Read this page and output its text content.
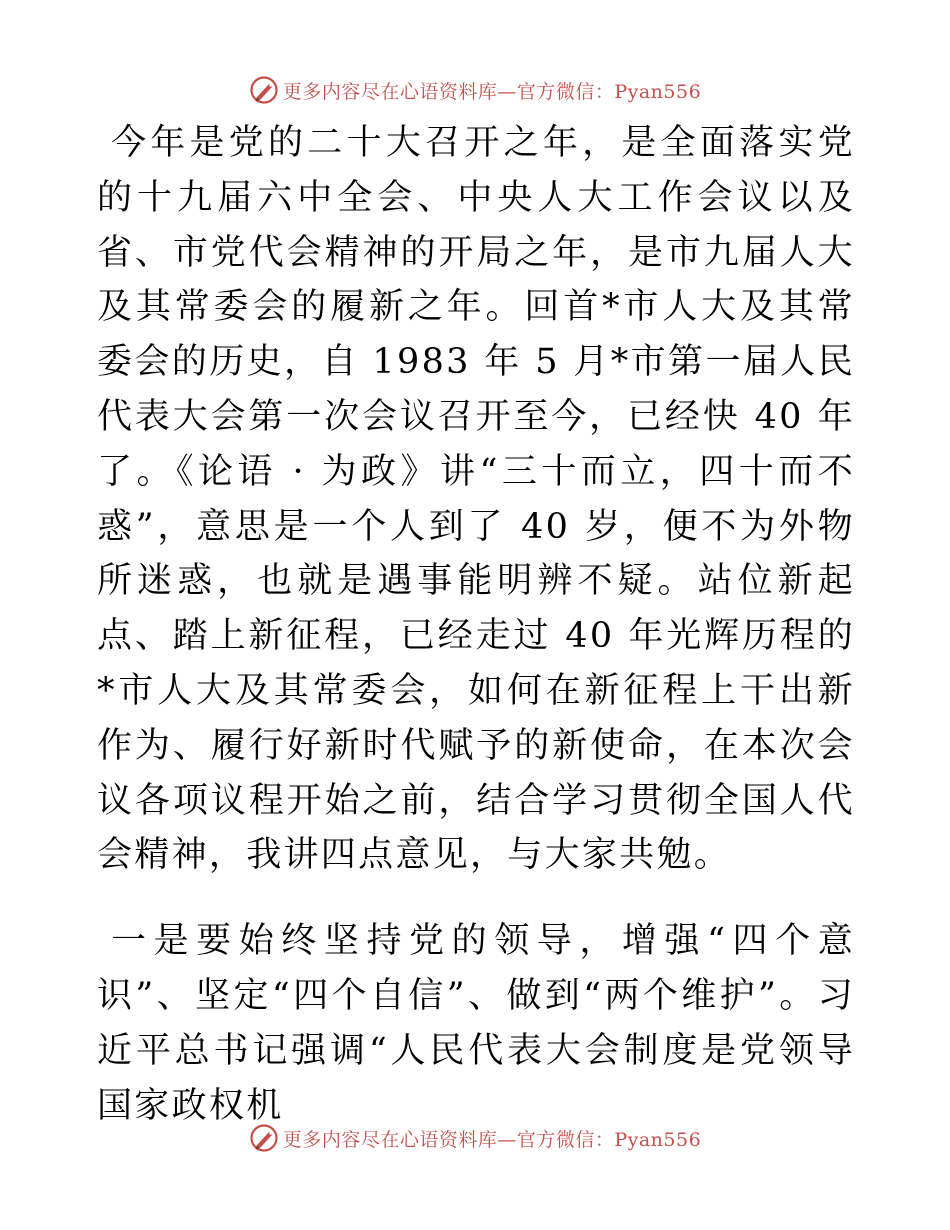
更多内容尽在心语资料库—官方微信：Pyan556

今年是党的二十大召开之年，是全面落实党的十九届六中全会、中央人大工作会议以及省、市党代会精神的开局之年，是市九届人大及其常委会的履新之年。回首*市人大及其常委会的历史，自 1983 年 5 月*市第一届人民代表大会第一次会议召开至今，已经快 40 年了。《论语 · 为政》讲“三十而立，四十而不惑”，意思是一个人到了 40 岁，便不为外物所迷惑，也就是遇事能明辨不疑。站位新起点、踏上新征程，已经走过 40 年光辉历程的*市人大及其常委会，如何在新征程上干出新作为、履行好新时代赋予的新使命，在本次会议各项议程开始之前，结合学习贯彻全国人代会精神，我讲四点意见，与大家共勉。

一是要始终坚持党的领导，增强“四个意识”、坚定“四个自信”、做到“两个维护”。习近平总书记强调“人民代表大会制度是党领导国家政权机

更多内容尽在心语资料库—官方微信：Pyan556
